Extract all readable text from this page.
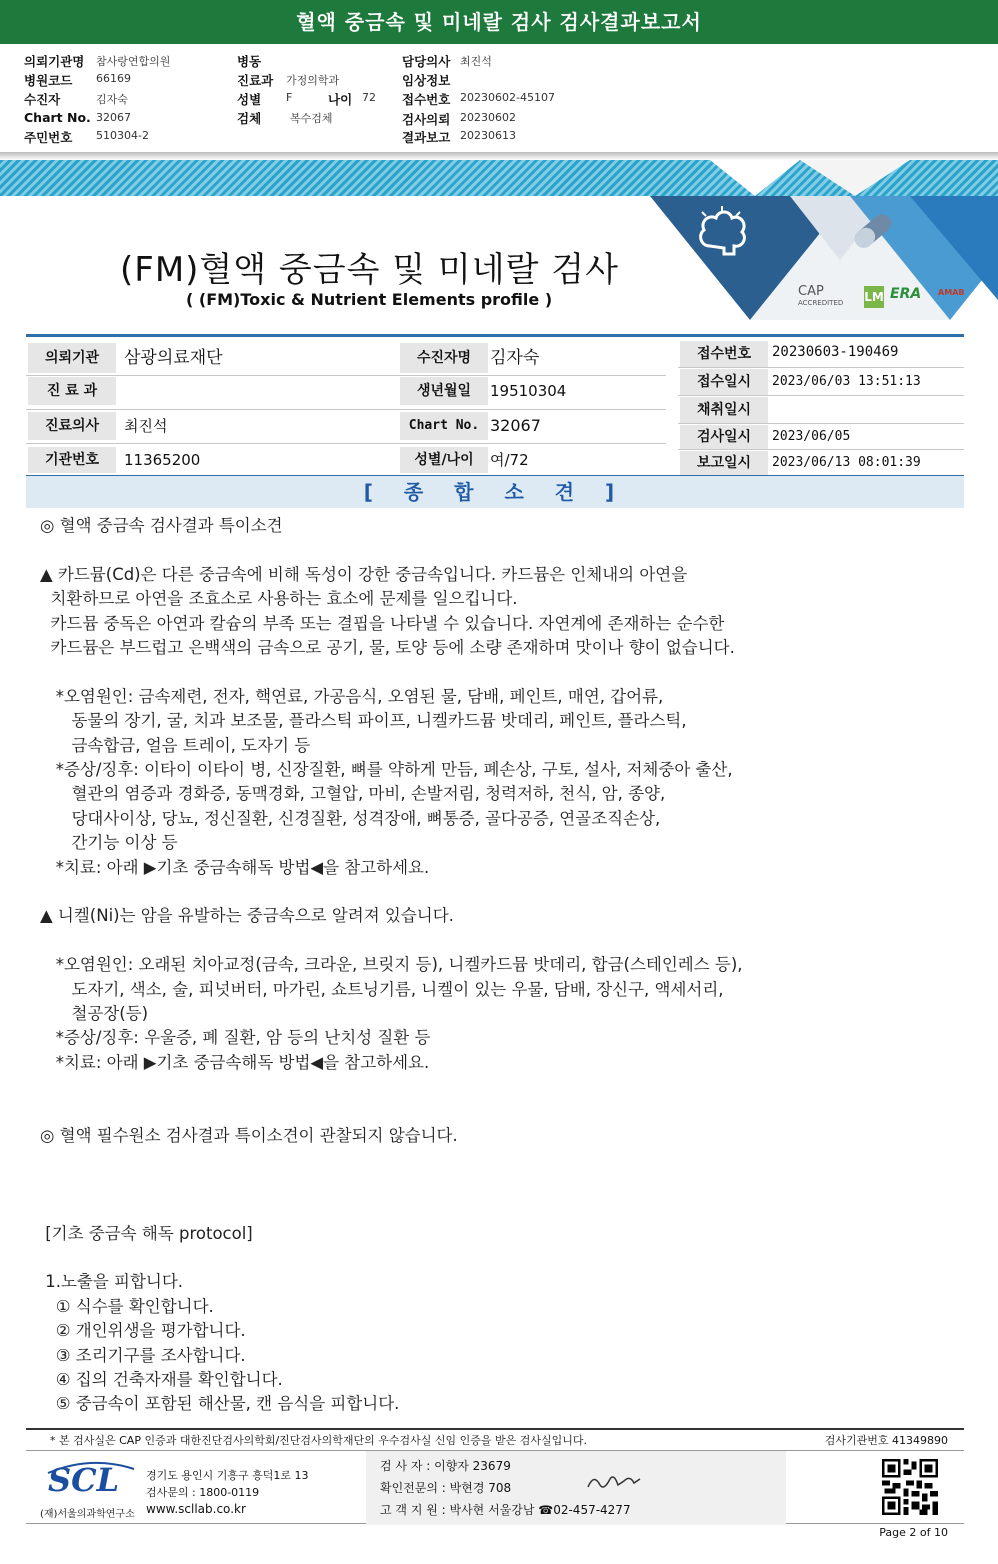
혈액 중금속 및 미네랄 검사 검사결과보고서
의뢰기관명 참사랑연합의원
병원코드 66169
수진자	김자숙
Chart No. 32067
주민번호 510304-2
병동
진료과 가정의학과
성별 F	나이 72
검체	복수검체
담당의사 최진석
임상정보
접수번호 20230602-45107
검사의뢰 20230602
결과보고 20230613
(FM)혈액 중금속 및 미네랄 검사
( (FM)Toxic & Nutrient Elements profile )	CAP
ACCREDITED LM ERA AMAB
의뢰기관	삼광의료재단
진 료 과
진료의사	최진석
기관번호	11365200
수진자명	김자숙
생년월일	19510304
Chart No. 32067
성별/나이	여/72
접수번호	20230603-190469
접수일시	2023/06/03 13:51:13
채취일시
검사일시	2023/06/05
보고일시	2023/06/13 08:01:39
[ 종 합 소 견 ]

◎ 혈액 중금속 검사결과 특이소견

▲ 카드뮴(Cd)은 다른 중금속에 비해 독성이 강한 중금속입니다. 카드뮴은 인체내의 아연을

치환하므로 아연을 조효소로 사용하는 효소에 문제를 일으킵니다.

카드뮴 중독은 아연과 칼슘의 부족 또는 결핍을 나타낼 수 있습니다. 자연계에 존재하는 순수한

카드뮴은 부드럽고 은백색의 금속으로 공기, 물, 토양 등에 소량 존재하며 맛이나 향이 없습니다.

*오염원인: 금속제련, 전자, 핵연료, 가공음식, 오염된 물, 담배, 페인트, 매연, 갑어류,

동물의 장기, 굴, 치과 보조물, 플라스틱 파이프, 니켈카드뮴 밧데리, 페인트, 플라스틱,

금속합금, 얼음 트레이, 도자기 등

*증상/징후: 이타이 이타이 병, 신장질환, 뼈를 약하게 만듬, 폐손상, 구토, 설사, 저체중아 출산,

혈관의 염증과 경화증, 동맥경화, 고혈압, 마비, 손발저림, 청력저하, 천식, 암, 종양,

당대사이상, 당뇨, 정신질환, 신경질환, 성격장애, 뼈통증, 골다공증, 연골조직손상,

간기능 이상 등

*치료: 아래 ▶기초 중금속해독 방법◀을 참고하세요.

▲ 니켈(Ni)는 암을 유발하는 중금속으로 알려져 있습니다.

*오염원인: 오래된 치아교정(금속, 크라운, 브릿지 등), 니켈카드뮴 밧데리, 합금(스테인레스 등),

도자기, 색소, 술, 피넛버터, 마가린, 쇼트닝기름, 니켈이 있는 우물, 담배, 장신구, 액세서리,

철공장(등)

*증상/징후: 우울증, 폐 질환, 암 등의 난치성 질환 등

*치료: 아래 ▶기초 중금속해독 방법◀을 참고하세요.

◎ 혈액 필수원소 검사결과 특이소견이 관찰되지 않습니다.

[기초 중금속 해독 protocol]

1.노출을 피합니다.

① 식수를 확인합니다.

② 개인위생을 평가합니다.

③ 조리기구를 조사합니다.

④ 집의 건축자재를 확인합니다.

⑤ 중금속이 포함된 해산물, 캔 음식을 피합니다.

* 본 검사실은 CAP 인증과 대한진단검사의학회/진단검사의학재단의 우수검사실 신임 인증을 받은 검사실입니다.	검사기관번호 41349890
SCL
(재)서울의과학연구소
경기도 용인시 기흥구 흥덕1로 13
검사문의 : 1800-0119
www.scllab.co.kr
검 사 자 : 이향자 23679
확인전문의 : 박현경 708
고 객 지 원 : 박사현 서울강남 ☎02-457-4277
Page 2 of 10
